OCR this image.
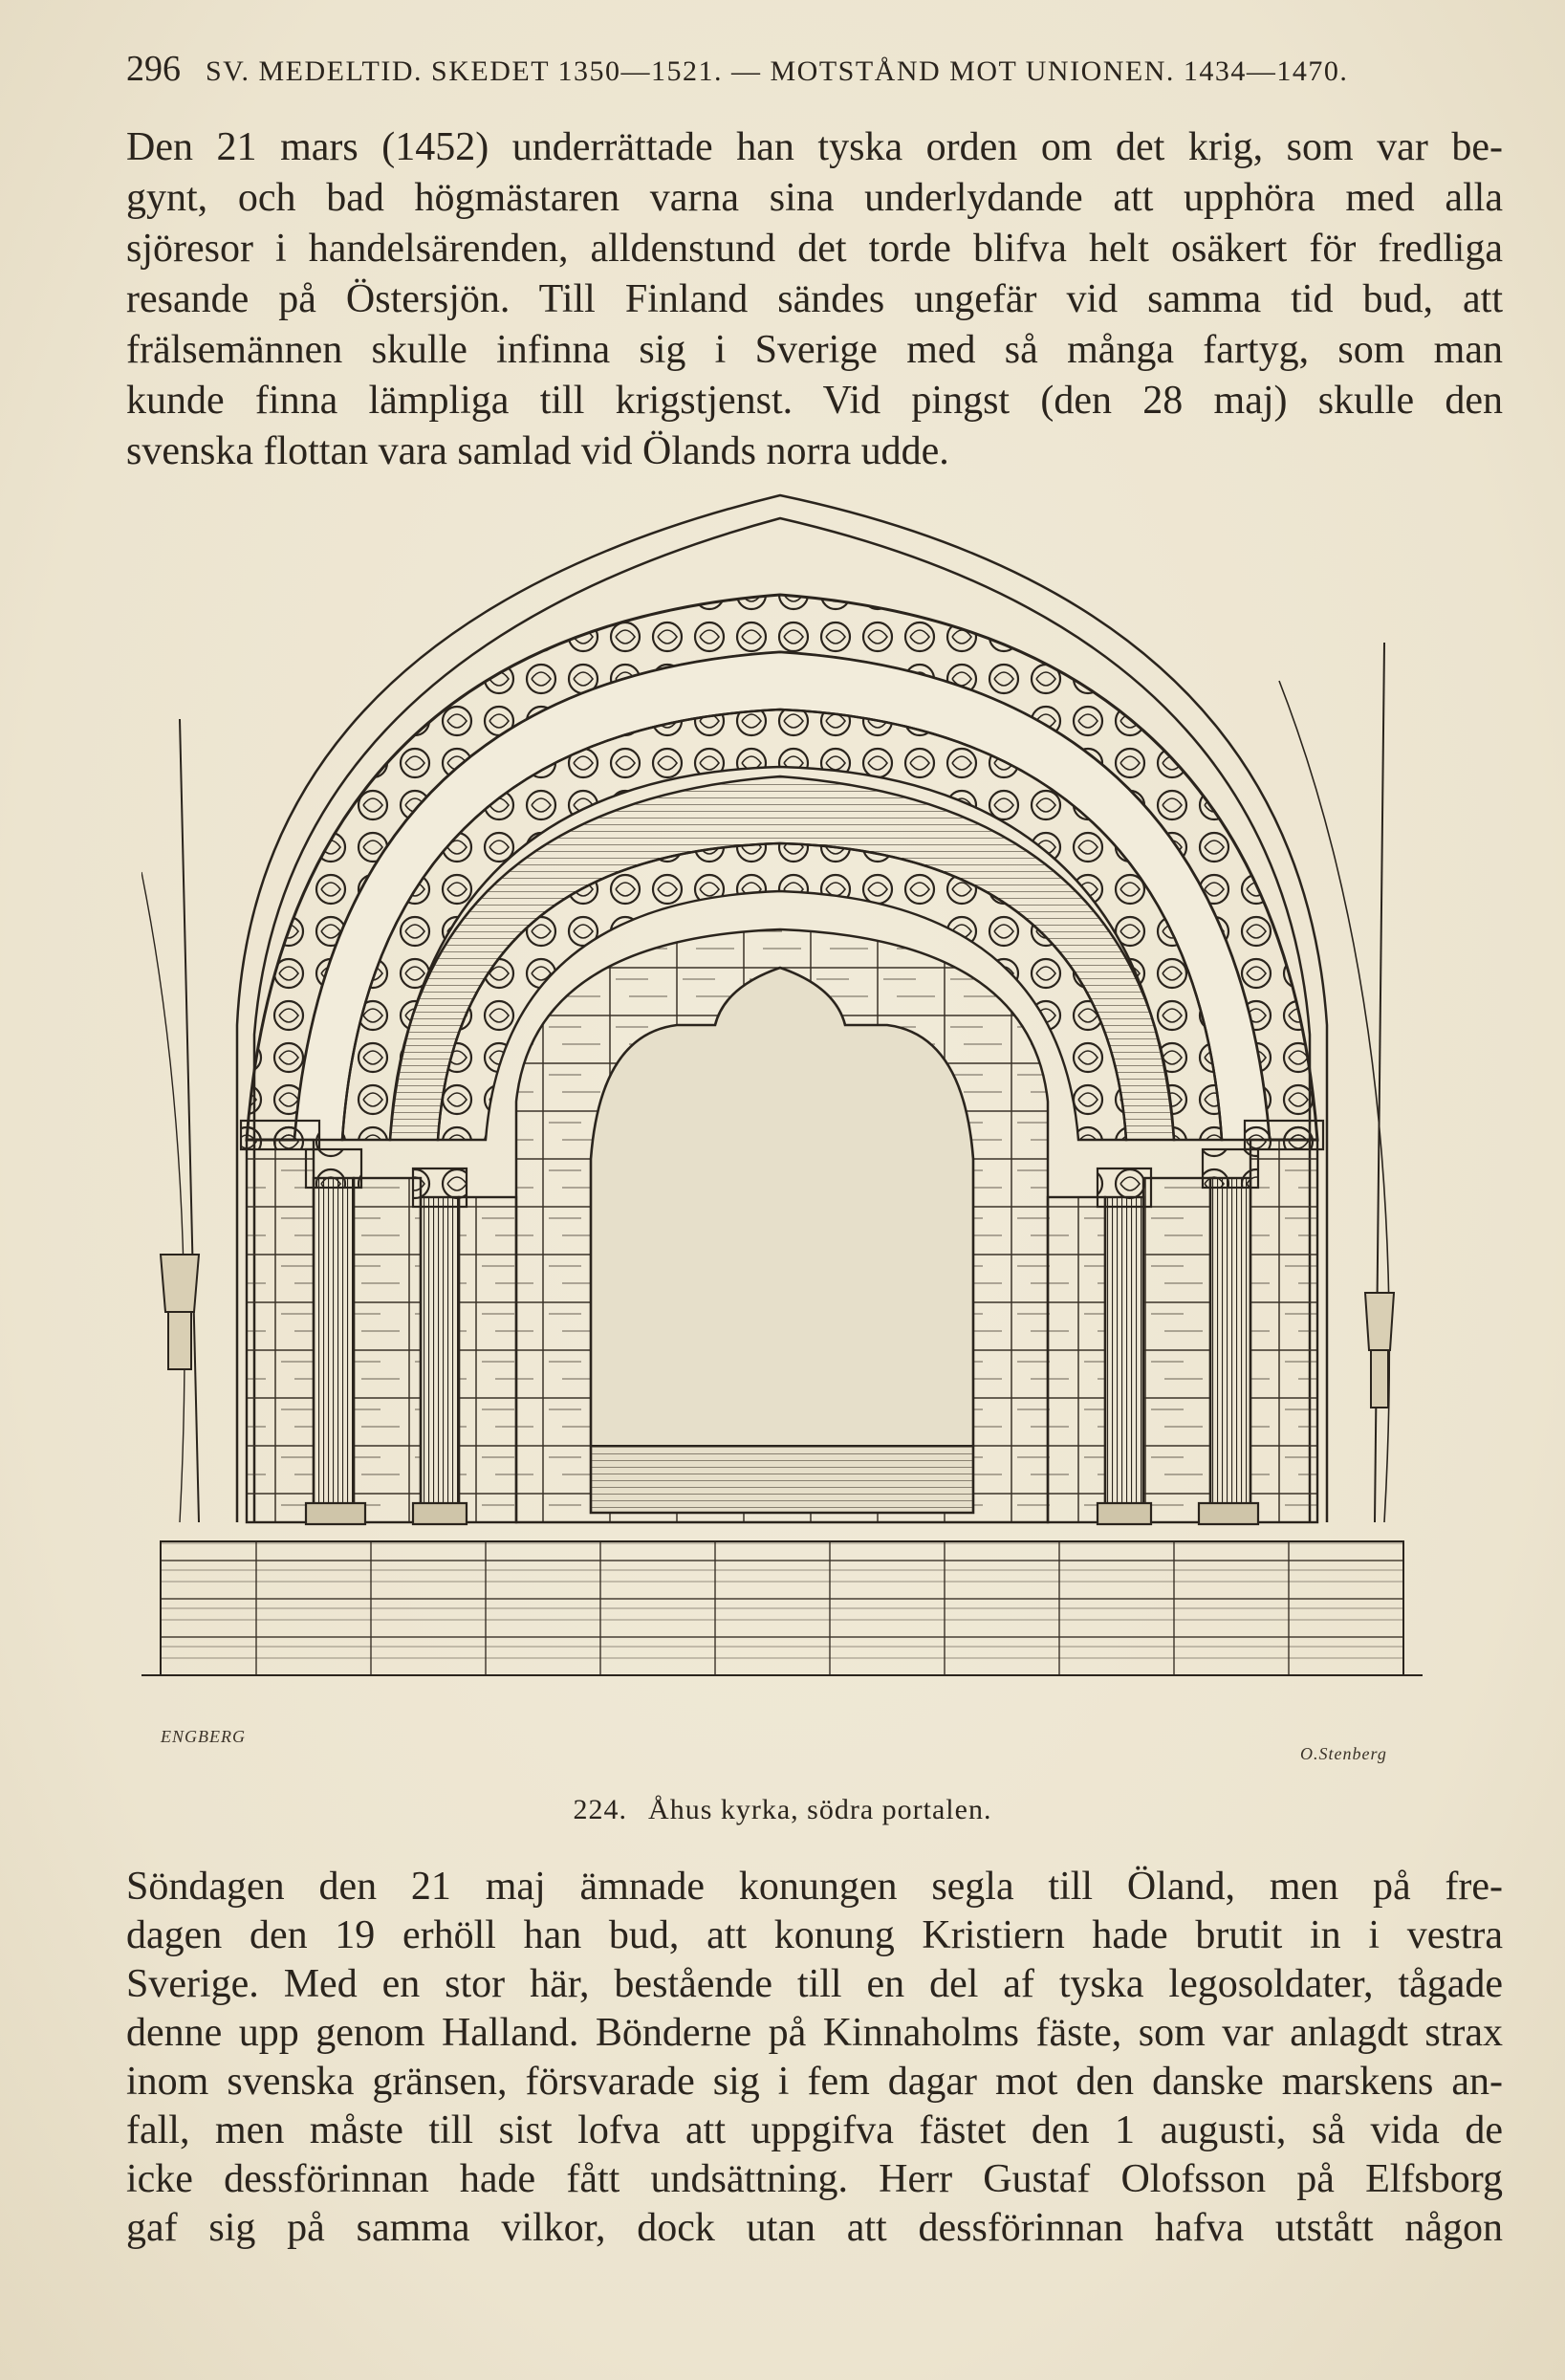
296 SV. MEDELTID. SKEDET 1350—1521. — MOTSTÅND MOT UNIONEN. 1434—1470.
Den 21 mars (1452) underrättade han tyska orden om det krig, som var be-
gynt, och bad högmästaren varna sina underlydande att upphöra med alla
sjöresor i handelsärenden, alldenstund det torde blifva helt osäkert för fredliga
resande på Östersjön. Till Finland sändes ungefär vid samma tid bud, att
frälsemännen skulle infinna sig i Sverige med så många fartyg, som man
kunde finna lämpliga till krigstjenst. Vid pingst (den 28 maj) skulle den
svenska flottan vara samlad vid Ölands norra udde.
ENGBERG
O.Stenberg
224. Åhus kyrka, södra portalen.
Söndagen den 21 maj ämnade konungen segla till Öland, men på fre-
dagen den 19 erhöll han bud, att konung Kristiern hade brutit in i vestra
Sverige. Med en stor här, bestående till en del af tyska legosoldater, tågade
denne upp genom Halland. Bönderne på Kinnaholms fäste, som var anlagdt strax
inom svenska gränsen, försvarade sig i fem dagar mot den danske marskens an-
fall, men måste till sist lofva att uppgifva fästet den 1 augusti, så vida de
icke dessförinnan hade fått undsättning. Herr Gustaf Olofsson på Elfsborg
gaf sig på samma vilkor, dock utan att dessförinnan hafva utstått någon
